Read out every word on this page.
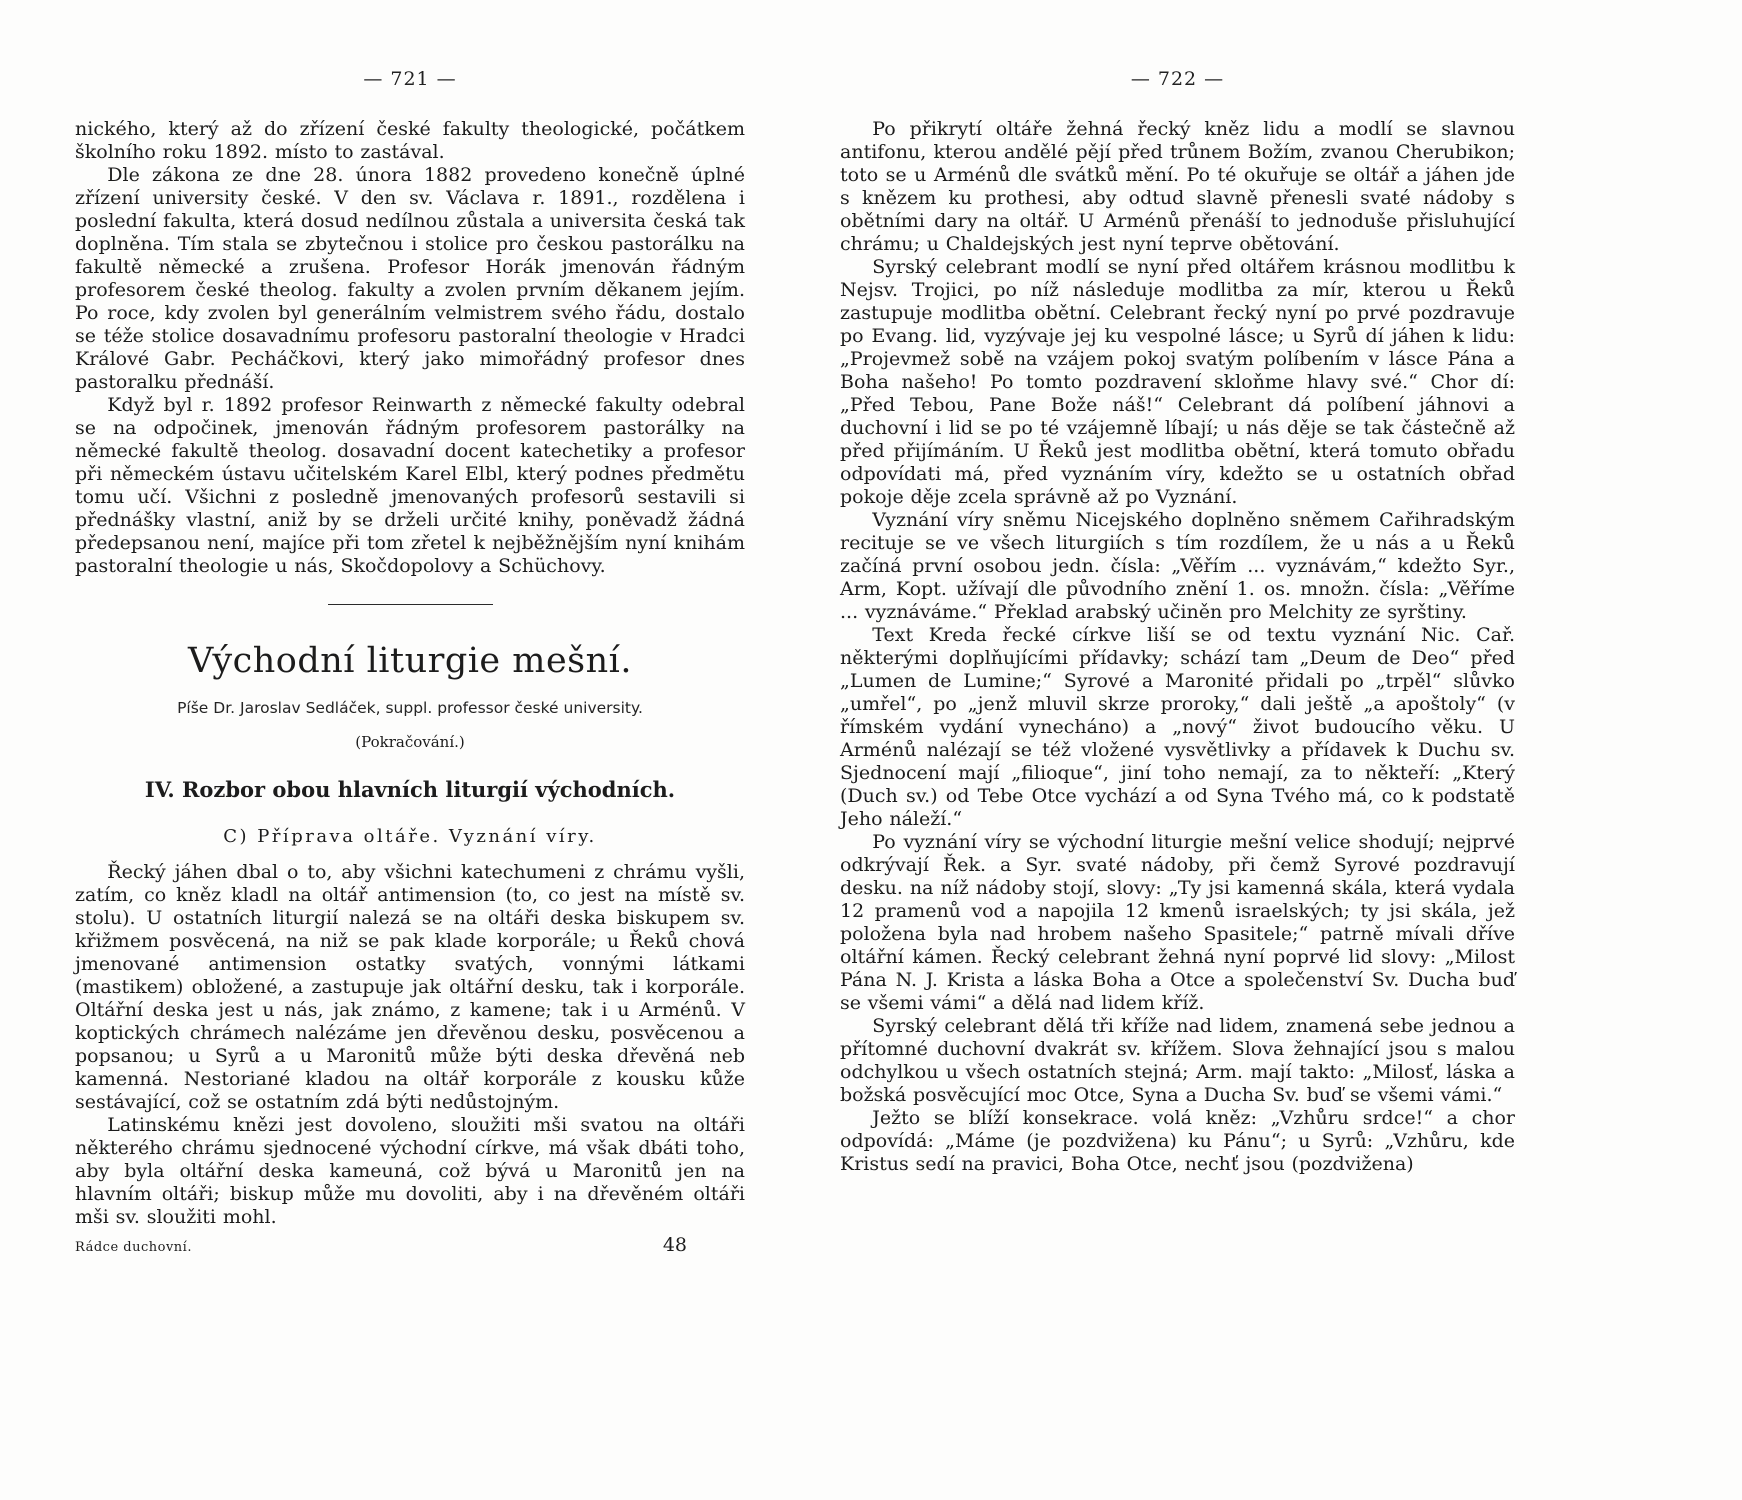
— 721 —

nického, který až do zřízení české fakulty theologické, počátkem školního roku 1892. místo to zastával.

Dle zákona ze dne 28. února 1882 provedeno konečně úplné zřízení university české. V den sv. Václava r. 1891., rozdělena i poslední fakulta, která dosud nedílnou zůstala a universita česká tak doplněna. Tím stala se zbytečnou i stolice pro českou pastorálku na fakultě německé a zrušena. Profesor Horák jmenován řádným profesorem české theolog. fakulty a zvolen prvním děkanem jejím. Po roce, kdy zvolen byl generálním velmistrem svého řádu, dostalo se téže stolice dosavadnímu profesoru pastoralní theologie v Hradci Králové Gabr. Pecháčkovi, který jako mimořádný profesor dnes pastoralku přednáší.

Když byl r. 1892 profesor Reinwarth z německé fakulty odebral se na odpočinek, jmenován řádným profesorem pastorálky na německé fakultě theolog. dosavadní docent katechetiky a profesor při německém ústavu učitelském Karel Elbl, který podnes předmětu tomu učí. Všichni z posledně jmenovaných profesorů sestavili si přednášky vlastní, aniž by se drželi určité knihy, poněvadž žádná předepsanou není, majíce při tom zřetel k nejběžnějším nyní knihám pastoralní theologie u nás, Skočdopolovy a Schüchovy.

Východní liturgie mešní.
Píše Dr. Jaroslav Sedláček, suppl. professor české university.
(Pokračování.)
IV. Rozbor obou hlavních liturgií východních.
C) Příprava oltáře. Vyznání víry.

Řecký jáhen dbal o to, aby všichni katechumeni z chrámu vyšli, zatím, co kněz kladl na oltář antimension (to, co jest na místě sv. stolu). U ostatních liturgií nalezá se na oltáři deska biskupem sv. křižmem posvěcená, na niž se pak klade korporále; u Řeků chová jmenované antimension ostatky svatých, vonnými látkami (mastikem) obložené, a zastupuje jak oltářní desku, tak i korporále. Oltářní deska jest u nás, jak známo, z kamene; tak i u Arménů. V koptických chrámech nalézáme jen dřevěnou desku, posvěcenou a popsanou; u Syrů a u Maronitů může býti deska dřevěná neb kamenná. Nestoriané kladou na oltář korporále z kousku kůže sestávající, což se ostatním zdá býti nedůstojným.

Latinskému knězi jest dovoleno, sloužiti mši svatou na oltáři některého chrámu sjednocené východní církve, má však dbáti toho, aby byla oltářní deska kameuná, což bývá u Maronitů jen na hlavním oltáři; biskup může mu dovoliti, aby i na dřevěném oltáři mši sv. sloužiti mohl.

Rádce duchovní.	48
— 722 —

Po přikrytí oltáře žehná řecký kněz lidu a modlí se slavnou antifonu, kterou andělé pějí před trůnem Božím, zvanou Cherubikon; toto se u Arménů dle svátků mění. Po té okuřuje se oltář a jáhen jde s knězem ku prothesi, aby odtud slavně přenesli svaté nádoby s obětními dary na oltář. U Arménů přenáší to jednoduše přisluhující chrámu; u Chaldejských jest nyní teprve obětování.

Syrský celebrant modlí se nyní před oltářem krásnou modlitbu k Nejsv. Trojici, po níž následuje modlitba za mír, kterou u Řeků zastupuje modlitba obětní. Celebrant řecký nyní po prvé pozdravuje po Evang. lid, vyzývaje jej ku vespolné lásce; u Syrů dí jáhen k lidu: „Projevmež sobě na vzájem pokoj svatým políbením v lásce Pána a Boha našeho! Po tomto pozdravení skloňme hlavy své.“ Chor dí: „Před Tebou, Pane Bože náš!“ Celebrant dá políbení jáhnovi a duchovní i lid se po té vzájemně líbají; u nás děje se tak částečně až před přijímáním. U Řeků jest modlitba obětní, která tomuto obřadu odpovídati má, před vyznáním víry, kdežto se u ostatních obřad pokoje děje zcela správně až po Vyznání.

Vyznání víry sněmu Nicejského doplněno sněmem Cařihradským recituje se ve všech liturgiích s tím rozdílem, že u nás a u Řeků začíná první osobou jedn. čísla: „Věřím ... vyznávám,“ kdežto Syr., Arm, Kopt. užívají dle původního znění 1. os. množn. čísla: „Věříme ... vyznáváme.“ Překlad arabský učiněn pro Melchity ze syrštiny.

Text Kreda řecké církve liší se od textu vyznání Nic. Cař. některými doplňujícími přídavky; schází tam „Deum de Deo“ před „Lumen de Lumine;“ Syrové a Maronité přidali po „trpěl“ slůvko „umřel“, po „jenž mluvil skrze proroky,“ dali ještě „a apoštoly“ (v římském vydání vynecháno) a „nový“ život budoucího věku. U Arménů nalézají se též vložené vysvětlivky a přídavek k Duchu sv. Sjednocení mají „filioque“, jiní toho nemají, za to někteří: „Který (Duch sv.) od Tebe Otce vychází a od Syna Tvého má, co k podstatě Jeho náleží.“

Po vyznání víry se východní liturgie mešní velice shodují; nejprvé odkrývají Řek. a Syr. svaté nádoby, při čemž Syrové pozdravují desku. na níž nádoby stojí, slovy: „Ty jsi kamenná skála, která vydala 12 pramenů vod a napojila 12 kmenů israelských; ty jsi skála, jež položena byla nad hrobem našeho Spasitele;“ patrně mívali dříve oltářní kámen. Řecký celebrant žehná nyní poprvé lid slovy: „Milost Pána N. J. Krista a láska Boha a Otce a společenství Sv. Ducha buď se všemi vámi“ a dělá nad lidem kříž.

Syrský celebrant dělá tři kříže nad lidem, znamená sebe jednou a přítomné duchovní dvakrát sv. křížem. Slova žehnající jsou s malou odchylkou u všech ostatních stejná; Arm. mají takto: „Milosť, láska a božská posvěcující moc Otce, Syna a Ducha Sv. buď se všemi vámi.“

Ježto se blíží konsekrace. volá kněz: „Vzhůru srdce!“ a chor odpovídá: „Máme (je pozdvižena) ku Pánu“; u Syrů: „Vzhůru, kde Kristus sedí na pravici, Boha Otce, nechť jsou (pozdvižena)
